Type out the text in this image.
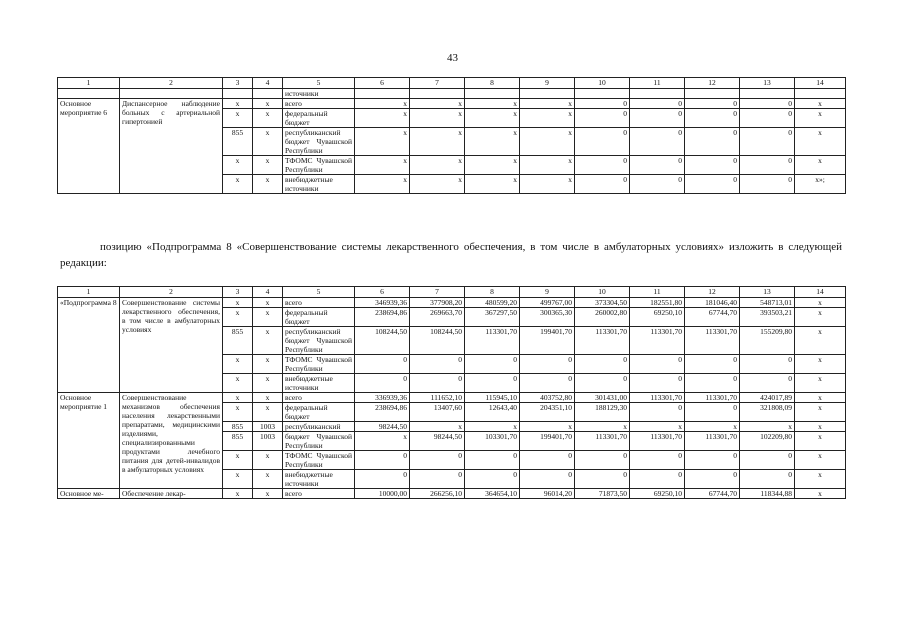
43
1	2	3	4	5	6	7	8	9	10	11	12	13	14
				источники									
Основное мероприятие 6	Диспансерное наблюдение больных с артериальной гипертонией	х	х	всего	х	х	х	х	0	0	0	0	х
		х	х	федеральный бюджет	х	х	х	х	0	0	0	0	х
		855	х	республиканский бюджет Чувашской Республики	х	х	х	х	0	0	0	0	х
		х	х	ТФОМС Чувашской Республики	х	х	х	х	0	0	0	0	х
		х	х	внебюджетные источники	х	х	х	х	0	0	0	0	х»;
позицию «Подпрограмма 8 «Совершенствование системы лекарственного обеспечения, в том числе в амбулаторных условиях» изложить в следующей редакции:
1	2	3	4	5	6	7	8	9	10	11	12	13	14
«Подпрограмма 8	Совершенствование системы лекарственного обеспечения, в том числе в амбулаторных условиях	х	х	всего	346939,36	377908,20	480599,20	499767,00	373304,50	182551,80	181046,40	548713,01	х
		х	х	федеральный бюджет	238694,86	269663,70	367297,50	300365,30	260002,80	69250,10	67744,70	393503,21	х
		855	х	республиканский бюджет Чувашской Республики	108244,50	108244,50	113301,70	199401,70	113301,70	113301,70	113301,70	155209,80	х
		х	х	ТФОМС Чувашской Республики	0	0	0	0	0	0	0	0	х
		х	х	внебюджетные источники	0	0	0	0	0	0	0	0	х
Основное мероприятие 1	Совершенствование механизмов обеспечения населения лекарственными препаратами, медицинскими изделиями, специализированными продуктами лечебного питания для детей-инвалидов в амбулаторных условиях	х	х	всего	336939,36	111652,10	115945,10	403752,80	301431,00	113301,70	113301,70	424017,89	х
		х	х	федеральный бюджет	238694,86	13407,60	12643,40	204351,10	188129,30	0	0	321808,09	х
		855	1003	республиканский	98244,50	х	х	х	х	х	х	х	х
		855	1003	бюджет Чувашской Республики	х	98244,50	103301,70	199401,70	113301,70	113301,70	113301,70	102209,80	х
		х	х	ТФОМС Чувашской Республики	0	0	0	0	0	0	0	0	х
		х	х	внебюджетные источники	0	0	0	0	0	0	0	0	х
Основное ме-	Обеспечение лекар-	х	х	всего	10000,00	266256,10	364654,10	96014,20	71873,50	69250,10	67744,70	118344,88	х
